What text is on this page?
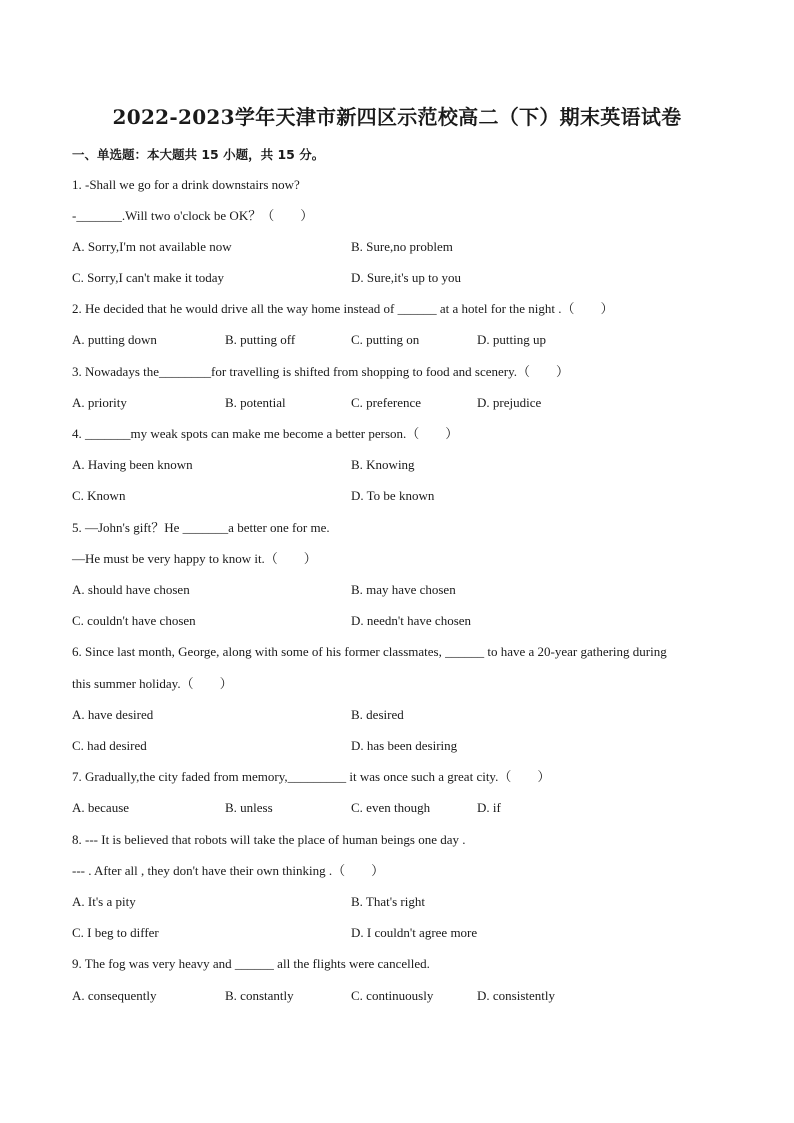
2022-2023学年天津市新四区示范校高二（下）期末英语试卷
一、单选题：本大题共 15 小题，共 15 分。
1. -Shall we go for a drink downstairs now?
-_______.Will two o'clock be OK？（　　）
A. Sorry,I'm not available now	B. Sure,no problem
C. Sorry,I can't make it today	D. Sure,it's up to you
2. He decided that he would drive all the way home instead of ______ at a hotel for the night .（　　）
A. putting down	B. putting off	C. putting on	D. putting up
3. Nowadays the________for travelling is shifted from shopping to food and scenery.（　　）
A. priority	B. potential	C. preference	D. prejudice
4. _______my weak spots can make me become a better person.（　　）
A. Having been known	B. Knowing
C. Known	D. To be known
5. —John's gift？He _______a better one for me.
—He must be very happy to know it.（　　）
A. should have chosen	B. may have chosen
C. couldn't have chosen	D. needn't have chosen
6. Since last month, George, along with some of his former classmates, ______ to have a 20-year gathering during
this summer holiday.（　　）
A. have desired	B. desired
C. had desired	D. has been desiring
7. Gradually,the city faded from memory,_________ it was once such a great city.（　　）
A. because	B. unless	C. even though	D. if
8. --- It is believed that robots will take the place of human beings one day .
--- . After all , they don't have their own thinking .（　　）
A. It's a pity	B. That's right
C. I beg to differ	D. I couldn't agree more
9. The fog was very heavy and ______ all the flights were cancelled.
A. consequently	B. constantly	C. continuously	D. consistently
